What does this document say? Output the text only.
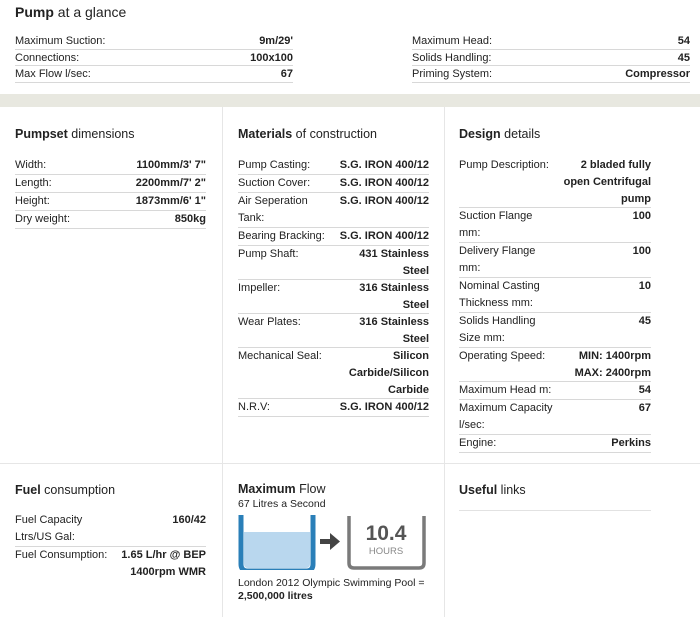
Pump at a glance
Maximum Suction:	9m/29'
Connections:	100x100
Max Flow l/sec:	67
Maximum Head:	54
Solids Handling:	45
Priming System:	Compressor
Pumpset dimensions
Width:	1100mm/3' 7"
Length:	2200mm/7' 2"
Height:	1873mm/6' 1"
Dry weight:	850kg
Materials of construction
Pump Casting:	S.G. IRON 400/12
Suction Cover:	S.G. IRON 400/12
Air Seperation Tank:
S.G. IRON 400/12
Bearing Bracking:	S.G. IRON 400/12
Pump Shaft:	431 Stainless Steel
Impeller:	316 Stainless Steel
Wear Plates:	316 Stainless Steel
Mechanical Seal:	Silicon Carbide/Silicon Carbide
N.R.V:	S.G. IRON 400/12
Design details
Pump Description:	2 bladed fully open Centrifugal pump
Suction Flange mm:
100
Delivery Flange mm:
100
Nominal Casting Thickness mm:
10
Solids Handling Size mm:
45
Operating Speed:	MIN: 1400rpm MAX: 2400rpm
Maximum Head m:	54
Maximum Capacity l/sec:
67
Engine:	Perkins
Fuel consumption
Fuel Capacity Ltrs/US Gal:
160/42
Fuel Consumption:	1.65 L/hr @ BEP 1400rpm WMR
Maximum Flow
67 Litres a Second
10.4
HOURS
London 2012 Olympic Swimming Pool =
2,500,000 litres
Useful links
